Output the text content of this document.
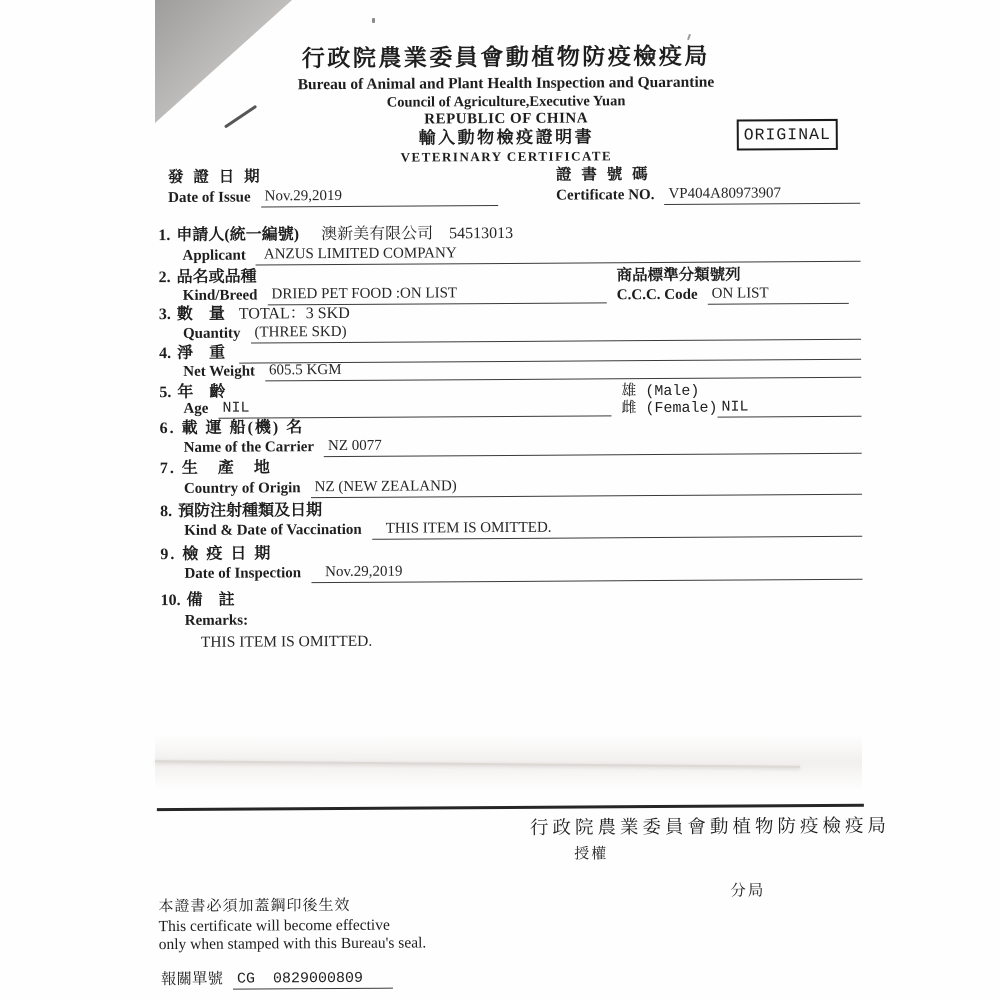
行政院農業委員會動植物防疫檢疫局
Bureau of Animal and Plant Health Inspection and Quarantine
Council of Agriculture,Executive Yuan
REPUBLIC OF CHINA
輸入動物檢疫證明書
VETERINARY CERTIFICATE
ORIGINAL
發 證 日 期	證 書 號 碼
Date of Issue Nov.29,2019	Certificate NO. VP404A80973907
1. 申請人(統一編號) 澳新美有限公司　54513013
Applicant	ANZUS LIMITED COMPANY
2. 品名或品種	商品標準分類號列
Kind/Breed DRIED PET FOOD :ON LIST	C.C.C. Code ON LIST
3. 數　量 TOTAL：3 SKD
Quantity (THREE SKD)
4. 淨　重
Net Weight 605.5 KGM
5. 年　齡
Age NIL
雄 (Male)
雌 (Female) NIL
6. 載 運 船(機) 名
Name of the Carrier NZ 0077
7. 生　產　地
Country of Origin NZ (NEW ZEALAND)
8. 預防注射種類及日期
Kind & Date of Vaccination	THIS ITEM IS OMITTED.
9. 檢 疫 日 期
Date of Inspection	Nov.29,2019
10. 備　註
Remarks:
THIS ITEM IS OMITTED.
行政院農業委員會動植物防疫檢疫局
授權
分局
本證書必須加蓋鋼印後生效
This certificate will become effective
only when stamped with this Bureau's seal.
報關單號 CG  0829000809
